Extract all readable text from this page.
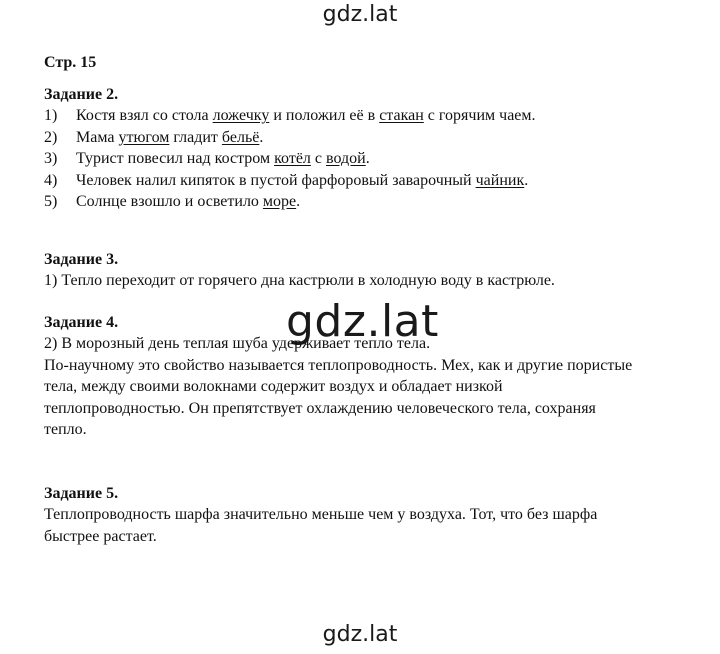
gdz.lat
gdz.lat
gdz.lat

Стр. 15

Задание 2.

1)	Костя взял со стола ложечку и положил её в стакан с горячим чаем.
2)	Мама утюгом гладит бельё.
3)	Турист повесил над костром котёл с водой.
4)	Человек налил кипяток в пустой фарфоровый заварочный чайник.
5)	Солнце взошло и осветило море.

Задание 3.

1) Тепло переходит от горячего дна кастрюли в холодную воду в кастрюле.

Задание 4.

2) В морозный день теплая шуба удерживает тепло тела.

По-научному это свойство называется теплопроводность. Мех, как и другие пористые

тела, между своими волокнами содержит воздух и обладает низкой

теплопроводностью. Он препятствует охлаждению человеческого тела, сохраняя

тепло.

Задание 5.

Теплопроводность шарфа значительно меньше чем у воздуха. Тот, что без шарфа

быстрее растает.
